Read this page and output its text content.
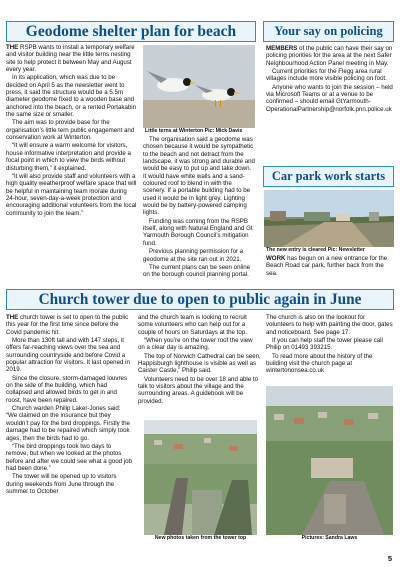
Geodome shelter plan for beach

THE RSPB wants to install a temporary welfare and visitor building near the little terns nesting site to help protect it between May and August every year.

In its application, which was due to be decided on April 5 as the newsletter went to press, it said the structure would be a 5.5m diameter geodome fixed to a wooden base and anchored into the beach, or a rented Portakabin the same size or smaller.

The aim was to provide base for the organisation’s little tern public engagement and conservation work at Winterton.

“It will ensure a warm welcome for visitors, house informative interpretation and provide a focal point in which to view the birds without disturbing them,” it explained.

“It will also provide staff and volunteers with a high quality weatherproof welfare space that will be helpful in maintaining team morale during 24-hour, seven-day-a-week protection and encouraging additional volunteers from the local community to join the team.”

Little terns at Winterton Pic: Mick Davis

The organisation said a geodome was chosen because it would be sympathetic to the beach and not detract from the landscape, it was strong and durable and would be easy to put up and take down. It would have white walls and a sand-coloured roof to blend in with the scenery. If a portable building had to be used it would be in light grey. Lighting would be by battery-powered camping lights.

Funding was coming from the RSPB itself, along with Natural England and Gt Yarmouth Borough Council’s mitigation fund.

Previous planning permission for a geodome at the site ran out in 2021.

The current plans can be seen online on the borough council planning portal.

Your say on policing

MEMBERS of the public can have their say on policing priorities for the area at the next Safer Neighbourhood Action Panel meeting in May.

Current priorities for the Flegg area rural villages include more visible policing on foot.

Anyone who wants to join the session – held via Microsoft Teams or at a venue to be confirmed – should email GtYarmouth-OperationalPartnership@norfolk.pnn.police.uk

Car park work starts
The new entry is cleared Pic: Newsletter

WORK has begun on a new entrance for the Beach Road car park, further back from the sea.

Church tower due to open to public again in June

THE church tower is set to open to the public this year for the first time since before the Covid pandemic hit.

More than 130ft tall and with 147 steps, it offers far-reaching views over the sea and surrounding countryside and before Covid a popular attraction for visitors. It last opened in 2019.

Since the closure, storm-damaged louvres on the side of the building, which had collapsed and allowed birds to get in and roost, have been repaired.

Church warden Philip Laker-Jones said: “We claimed on the insurance but they wouldn’t pay for the bird droppings. Firstly the damage had to be repaired which simply took ages, then the birds had to go.

“The bird droppings took two days to remove, but when we looked at the photos before and after we could see what a good job had been done.”

The tower will be opened up to visitors during weekends from June through the summer to October

and the church team is looking to recruit some volunteers who can help out for a couple of hours on Saturdays at the top.

“When you’re on the tower roof the view on a clear day is amazing.

The top of Norwich Cathedral can be seen, Happisburgh lighthouse is visible as well as Caister Castle,” Philip said.

Volunteers need to be over 18 and able to talk to visitors about the village and the surrounding areas. A guidebook will be provided.

New photos taken from the tower top

The church is also on the lookout for volunteers to help with painting the door, gates and noticeboard. See page 17.

If you can help staff the tower please call Philip on 01493 393215.

To read more about the history of the building visit the church page at wintertononsea.co.uk

Pictures: Sandra Laws
5
